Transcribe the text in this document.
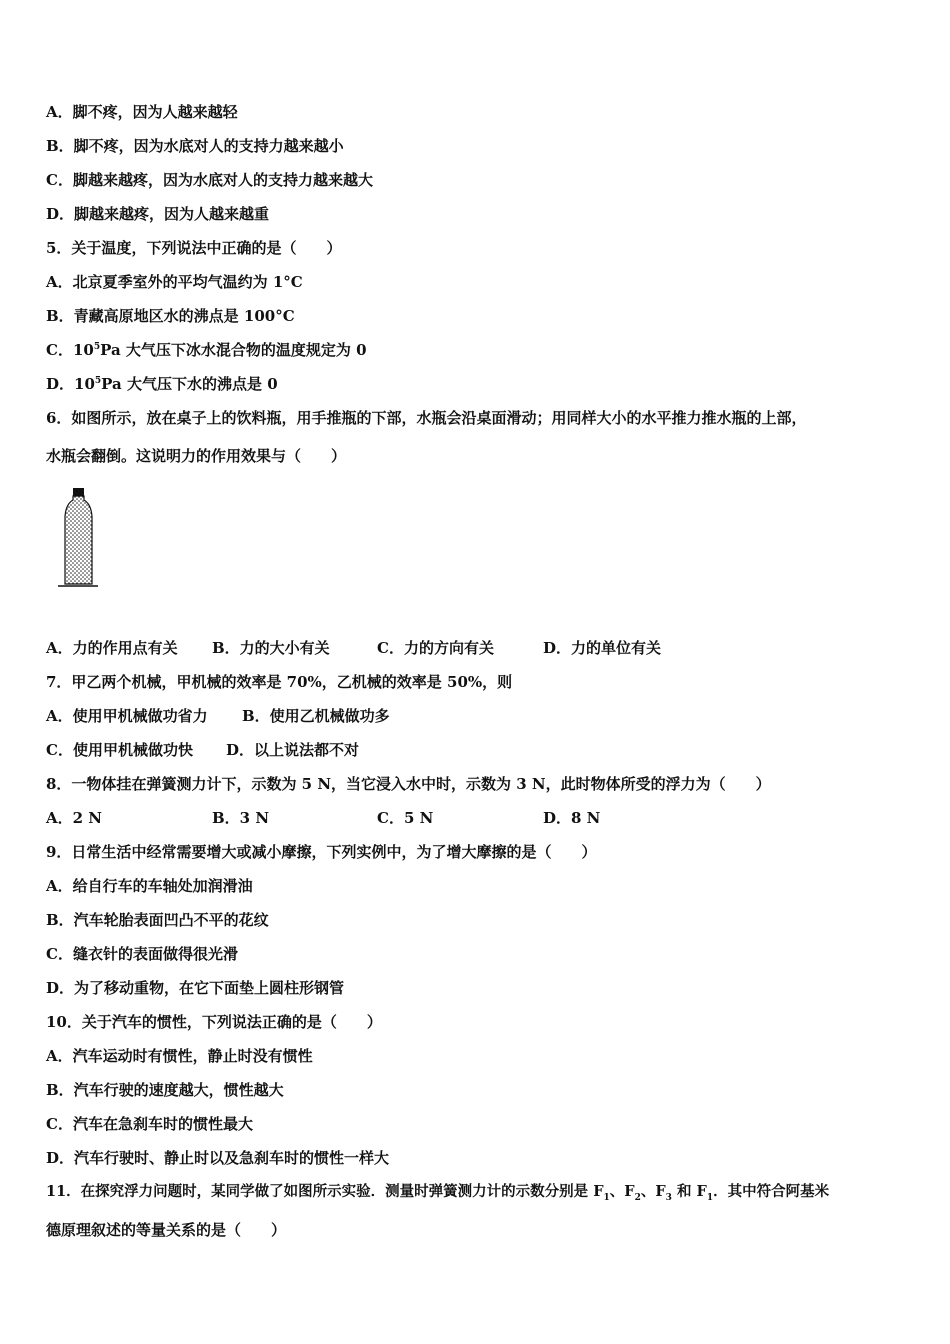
A．脚不疼，因为人越来越轻
B．脚不疼，因为水底对人的支持力越来越小
C．脚越来越疼，因为水底对人的支持力越来越大
D．脚越来越疼，因为人越来越重
5．关于温度，下列说法中正确的是（　　）
A．北京夏季室外的平均气温约为 1°C
B．青藏高原地区水的沸点是 100°C
C．$10^5Pa$ 大气压下冰水混合物的温度规定为 0
D．$10^5Pa$ 大气压下水的沸点是 0
6．如图所示，放在桌子上的饮料瓶，用手推瓶的下部，水瓶会沿桌面滑动；用同样大小的水平推力推水瓶的上部，
水瓶会翻倒。这说明力的作用效果与（　　）
A．力的作用点有关 B．力的大小有关	C．力的方向有关	D．力的单位有关
7．甲乙两个机械，甲机械的效率是 70%，乙机械的效率是 50%，则
A．使用甲机械做功省力 B．使用乙机械做功多
C．使用甲机械做功快 D．以上说法都不对
8．一物体挂在弹簧测力计下，示数为 5 N，当它浸入水中时，示数为 3 N，此时物体所受的浮力为（　　）
A．2 N	B．3 N	C．5 N	D．8 N
9．日常生活中经常需要增大或减小摩擦，下列实例中，为了增大摩擦的是（　　）
A．给自行车的车轴处加润滑油
B．汽车轮胎表面凹凸不平的花纹
C．缝衣针的表面做得很光滑
D．为了移动重物，在它下面垫上圆柱形钢管
10．关于汽车的惯性，下列说法正确的是（　　）
A．汽车运动时有惯性，静止时没有惯性
B．汽车行驶的速度越大，惯性越大
C．汽车在急刹车时的惯性最大
D．汽车行驶时、静止时以及急刹车时的惯性一样大
11．在探究浮力问题时，某同学做了如图所示实验．测量时弹簧测力计的示数分别是 $F_1$、$F_2$、$F_3$ 和 $F_1$．其中符合阿基米
德原理叙述的等量关系的是（　　）
